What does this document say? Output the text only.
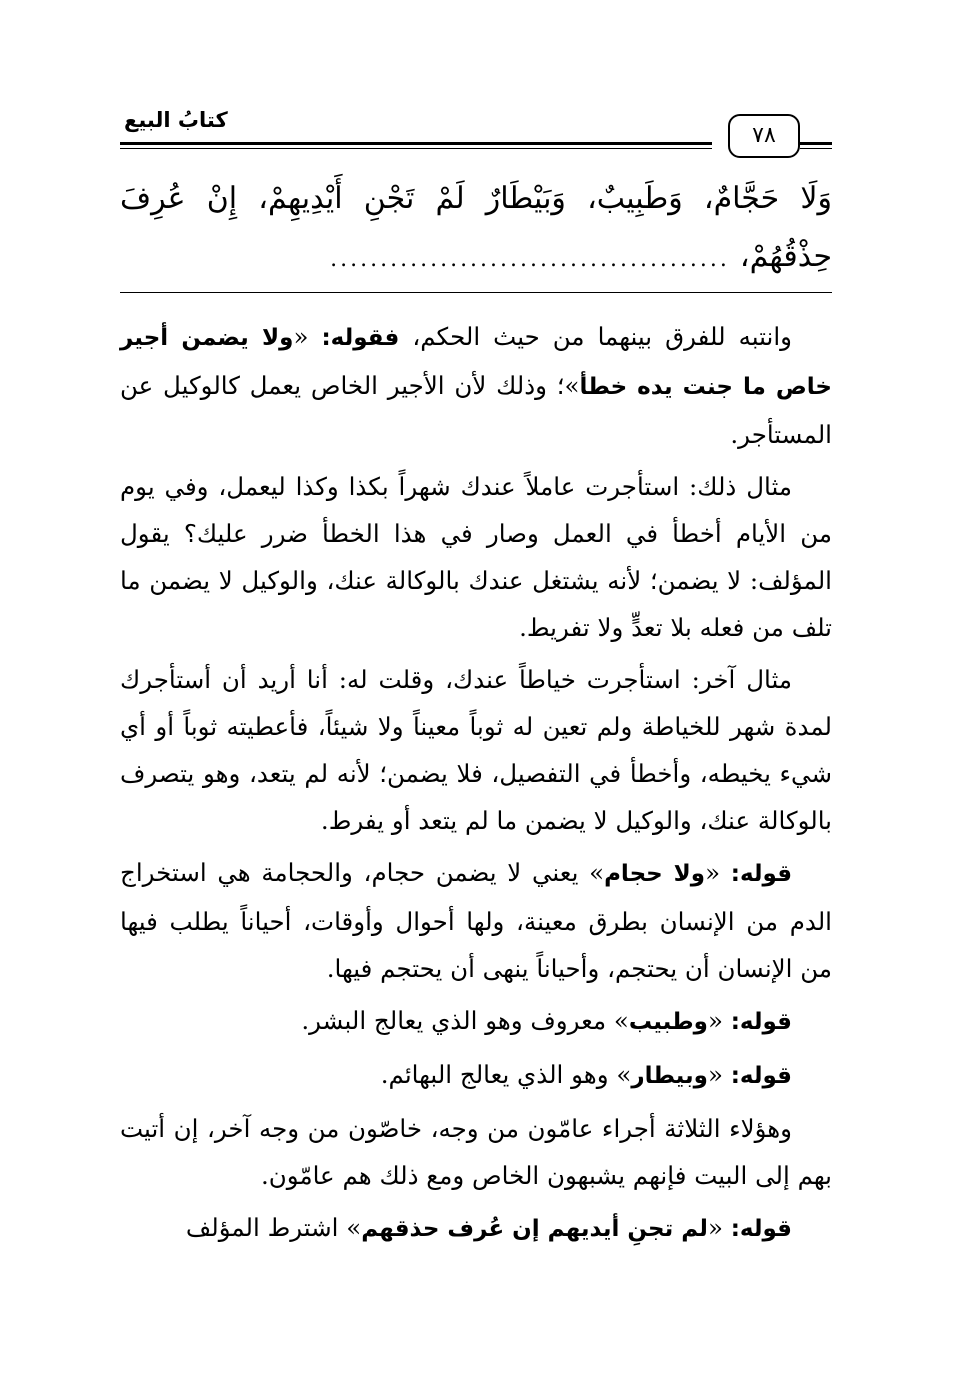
كتابُ البيع
٧٨
وَلَا حَجَّامٌ، وَطَبِيبٌ، وَبَيْطَارٌ لَمْ تَجْنِ أَيْدِيهِمْ، إِنْ عُرِفَ
حِذْقُهُمْ،
........................................

وانتبه للفرق بينهما من حيث الحكم، فقوله: «ولا يضمن أجير خاص ما جنت يده خطأ»؛ وذلك لأن الأجير الخاص يعمل كالوكيل عن المستأجر.

مثال ذلك: استأجرت عاملاً عندك شهراً بكذا وكذا ليعمل، وفي يوم من الأيام أخطأ في العمل وصار في هذا الخطأ ضرر عليك؟ يقول المؤلف: لا يضمن؛ لأنه يشتغل عندك بالوكالة عنك، والوكيل لا يضمن ما تلف من فعله بلا تعدٍّ ولا تفريط.

مثال آخر: استأجرت خياطاً عندك، وقلت له: أنا أريد أن أستأجرك لمدة شهر للخياطة ولم تعين له ثوباً معيناً ولا شيئاً، فأعطيته ثوباً أو أي شيء يخيطه، وأخطأ في التفصيل، فلا يضمن؛ لأنه لم يتعد، وهو يتصرف بالوكالة عنك، والوكيل لا يضمن ما لم يتعد أو يفرط.

قوله: «ولا حجام» يعني لا يضمن حجام، والحجامة هي استخراج الدم من الإنسان بطرق معينة، ولها أحوال وأوقات، أحياناً يطلب فيها من الإنسان أن يحتجم، وأحياناً ينهى أن يحتجم فيها.

قوله: «وطبيب» معروف وهو الذي يعالج البشر.

قوله: «وبيطار» وهو الذي يعالج البهائم.

وهؤلاء الثلاثة أجراء عامّون من وجه، خاصّون من وجه آخر، إن أتيت بهم إلى البيت فإنهم يشبهون الخاص ومع ذلك هم عامّون.

قوله: «لم تجنِ أيديهم إن عُرف حذقهم» اشترط المؤلف
